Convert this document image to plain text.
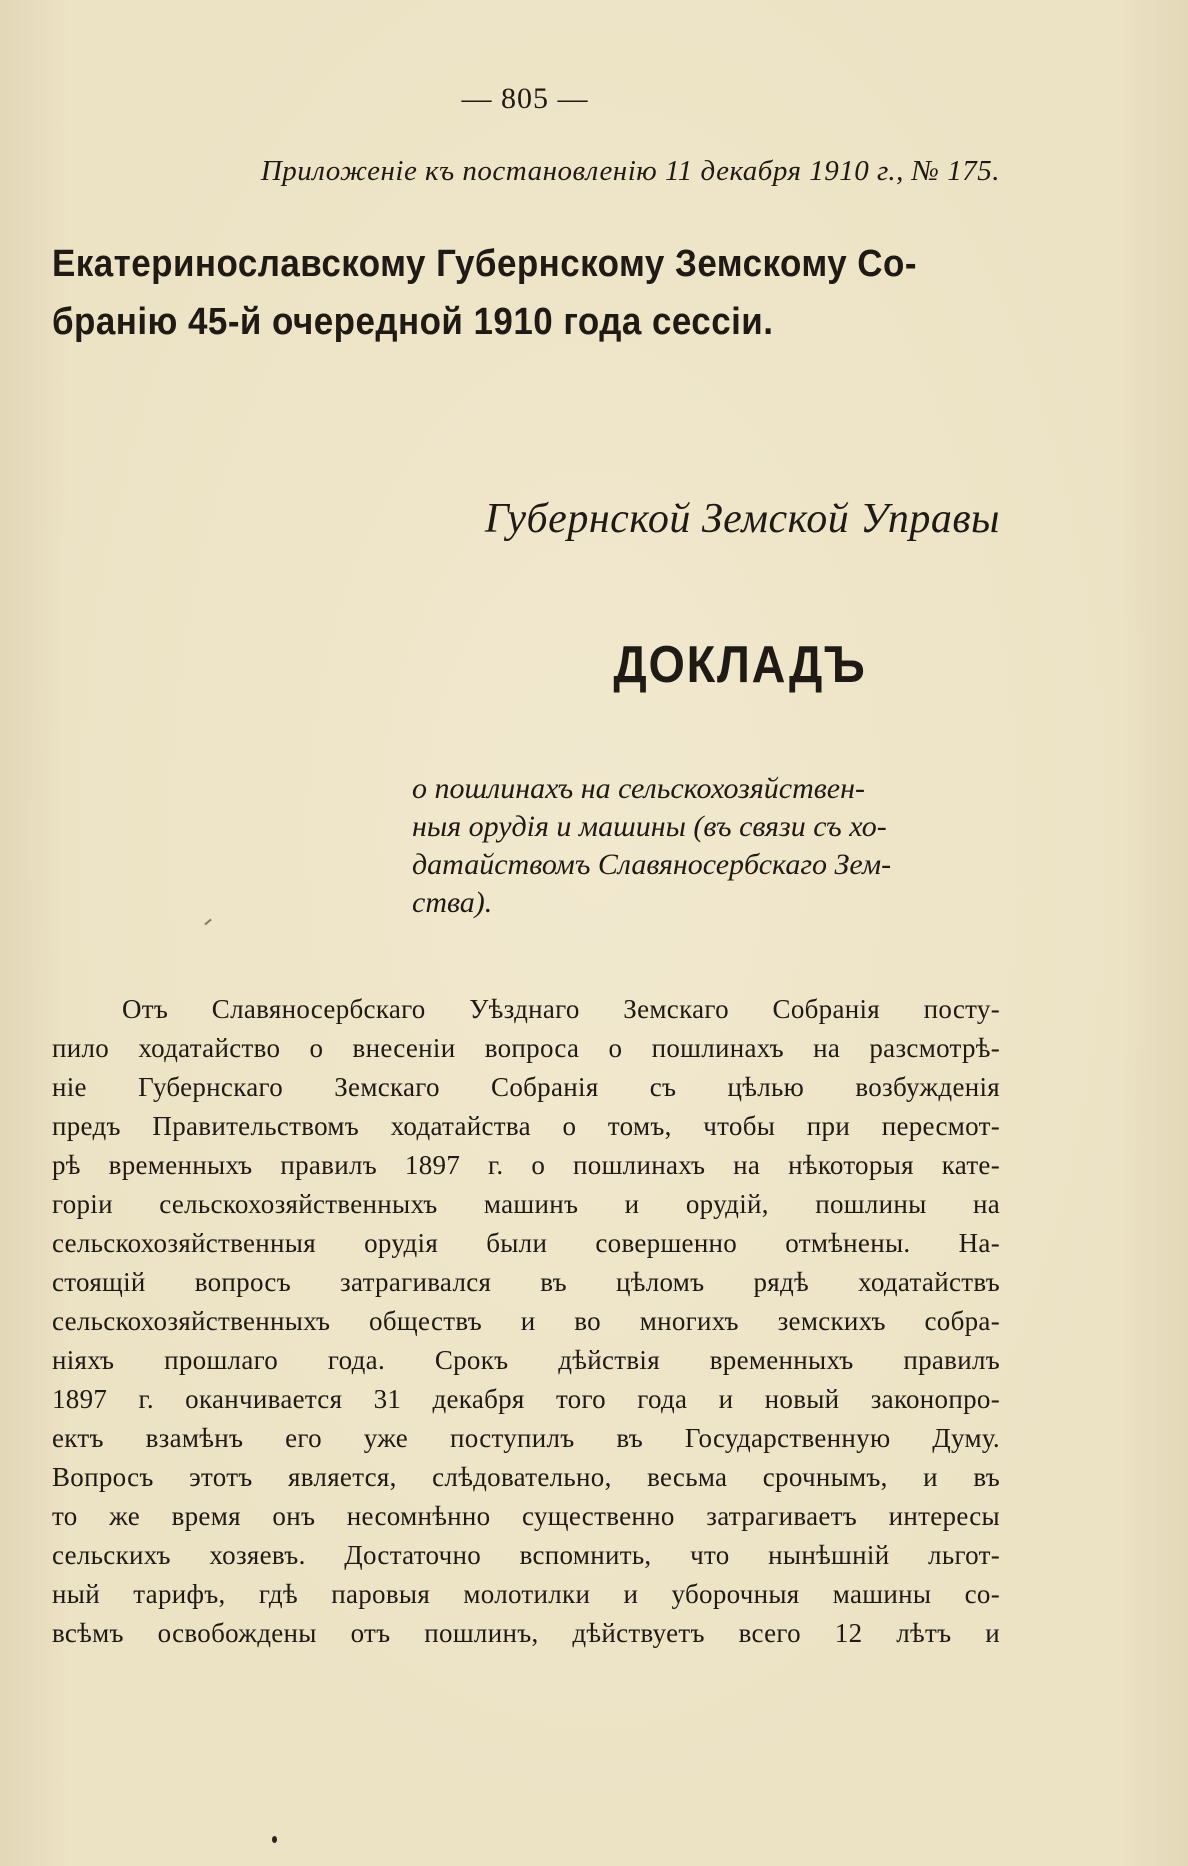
— 805 —
Приложеніе къ постановленію 11 декабря 1910 г., № 175.
Екатеринославскому Губернскому Земскому Со-
бранію 45-й очередной 1910 года сессіи.
Губернской Земской Управы
ДОКЛАДЪ
о пошлинахъ на сельскохозяйствен-
ныя орудія и машины (въ связи съ хо-
датайствомъ Славяносербскаго Зем-
ства).
Отъ Славяносербскаго Уѣзднаго Земскаго Собранія посту-
пило ходатайство о внесеніи вопроса о пошлинахъ на разсмотрѣ-
ніе Губернскаго Земскаго Собранія съ цѣлью возбужденія
предъ Правительствомъ ходатайства о томъ, чтобы при пересмот-
рѣ временныхъ правилъ 1897 г. о пошлинахъ на нѣкоторыя кате-
горіи сельскохозяйственныхъ машинъ и орудій, пошлины на
сельскохозяйственныя орудія были совершенно отмѣнены. На-
стоящій вопросъ затрагивался въ цѣломъ рядѣ ходатайствъ
сельскохозяйственныхъ обществъ и во многихъ земскихъ собра-
ніяхъ прошлаго года. Срокъ дѣйствія временныхъ правилъ
1897 г. оканчивается 31 декабря того года и новый законопро-
ектъ взамѣнъ его уже поступилъ въ Государственную Думу.
Вопросъ этотъ является, слѣдовательно, весьма срочнымъ, и въ
то же время онъ несомнѣнно существенно затрагиваетъ интересы
сельскихъ хозяевъ. Достаточно вспомнить, что нынѣшній льгот-
ный тарифъ, гдѣ паровыя молотилки и уборочныя машины со-
всѣмъ освобождены отъ пошлинъ, дѣйствуетъ всего 12 лѣтъ и
